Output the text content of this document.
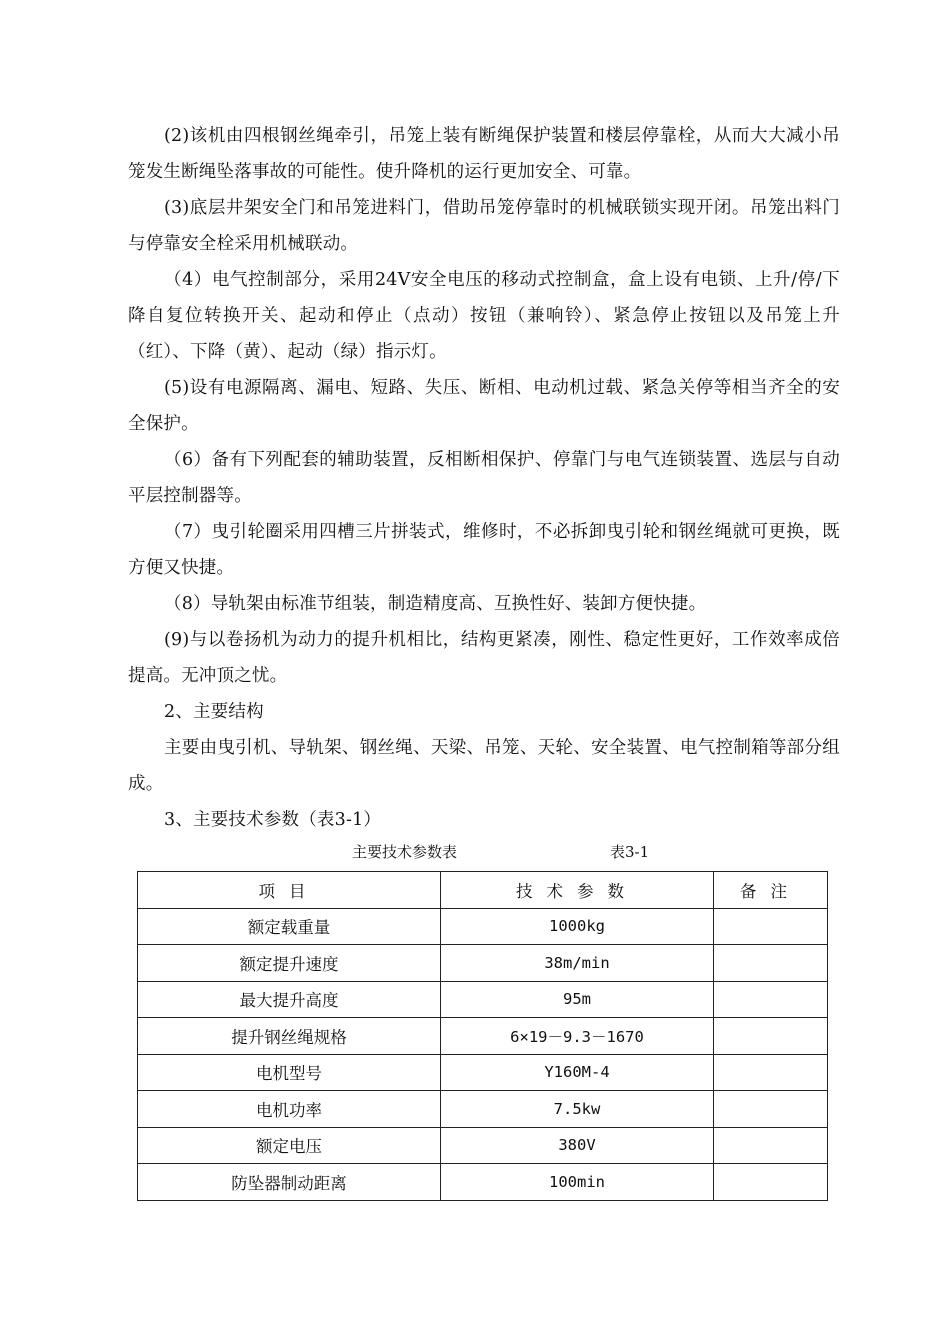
(2)该机由四根钢丝绳牵引，吊笼上装有断绳保护装置和楼层停靠栓，从而大大减小吊笼发生断绳坠落事故的可能性。使升降机的运行更加安全、可靠。

(3)底层井架安全门和吊笼进料门，借助吊笼停靠时的机械联锁实现开闭。吊笼出料门与停靠安全栓采用机械联动。

（4）电气控制部分，采用24V安全电压的移动式控制盒，盒上设有电锁、上升/停/下降自复位转换开关、起动和停止（点动）按钮（兼响铃）、紧急停止按钮以及吊笼上升（红）、下降（黄）、起动（绿）指示灯。

(5)设有电源隔离、漏电、短路、失压、断相、电动机过载、紧急关停等相当齐全的安全保护。

（6）备有下列配套的辅助装置，反相断相保护、停靠门与电气连锁装置、选层与自动平层控制器等。

（7）曳引轮圈采用四槽三片拼装式，维修时，不必拆卸曳引轮和钢丝绳就可更换，既方便又快捷。

（8）导轨架由标准节组装，制造精度高、互换性好、装卸方便快捷。

(9)与以卷扬机为动力的提升机相比，结构更紧凑，刚性、稳定性更好，工作效率成倍提高。无冲顶之忧。

2、主要结构

主要由曳引机、导轨架、钢丝绳、天梁、吊笼、天轮、安全装置、电气控制箱等部分组成。

3、主要技术参数（表3-1）

主要技术参数表	表3-1
项目	技术参数	备注
额定载重量	1000kg	
额定提升速度	38m/min	
最大提升高度	95m	
提升钢丝绳规格	6×19－9.3－1670	
电机型号	Y160M-4	
电机功率	7.5kw	
额定电压	380V	
防坠器制动距离	100min	
